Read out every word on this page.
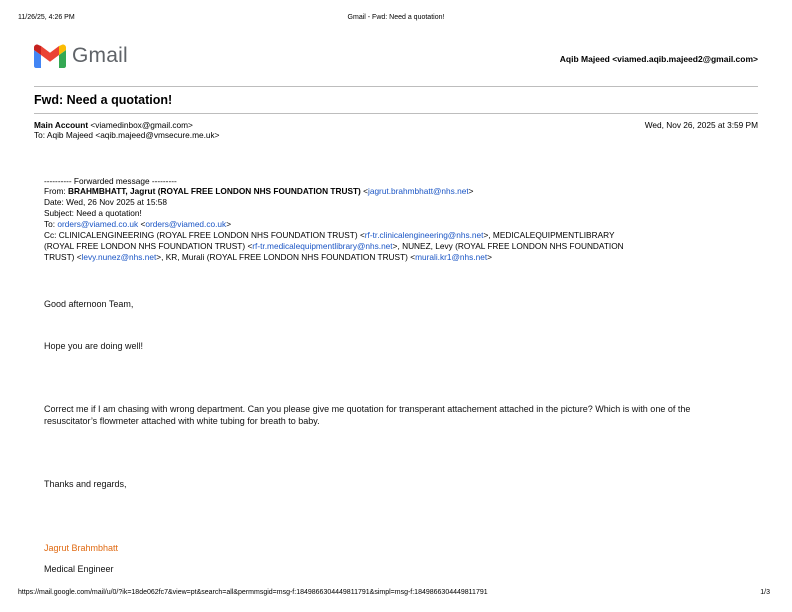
11/26/25, 4:26 PM	Gmail - Fwd: Need a quotation!
Gmail	Aqib Majeed <viamed.aqib.majeed2@gmail.com>
Fwd: Need a quotation!
Main Account <viamedinbox@gmail.com>	Wed, Nov 26, 2025 at 3:59 PM
To: Aqib Majeed <aqib.majeed@vmsecure.me.uk>
---------- Forwarded message ---------
From: BRAHMBHATT, Jagrut (ROYAL FREE LONDON NHS FOUNDATION TRUST) <jagrut.brahmbhatt@nhs.net>
Date: Wed, 26 Nov 2025 at 15:58
Subject: Need a quotation!
To: orders@viamed.co.uk <orders@viamed.co.uk>
Cc: CLINICALENGINEERING (ROYAL FREE LONDON NHS FOUNDATION TRUST) <rf-tr.clinicalengineering@nhs.net>, MEDICALEQUIPMENTLIBRARY
(ROYAL FREE LONDON NHS FOUNDATION TRUST) <rf-tr.medicalequipmentlibrary@nhs.net>, NUNEZ, Levy (ROYAL FREE LONDON NHS FOUNDATION
TRUST) <levy.nunez@nhs.net>, KR, Murali (ROYAL FREE LONDON NHS FOUNDATION TRUST) <murali.kr1@nhs.net>
Good afternoon Team,
Hope you are doing well!
Correct me if I am chasing with wrong department. Can you please give me quotation for transperant attachement attached in the picture? Which is with one of the
resuscitator’s flowmeter attached with white tubing for breath to baby.
Thanks and regards,
Jagrut Brahmbhatt
Medical Engineer
https://mail.google.com/mail/u/0/?ik=18de062fc7&view=pt&search=all&permmsgid=msg-f:1849866304449811791&simpl=msg-f:1849866304449811791	1/3
